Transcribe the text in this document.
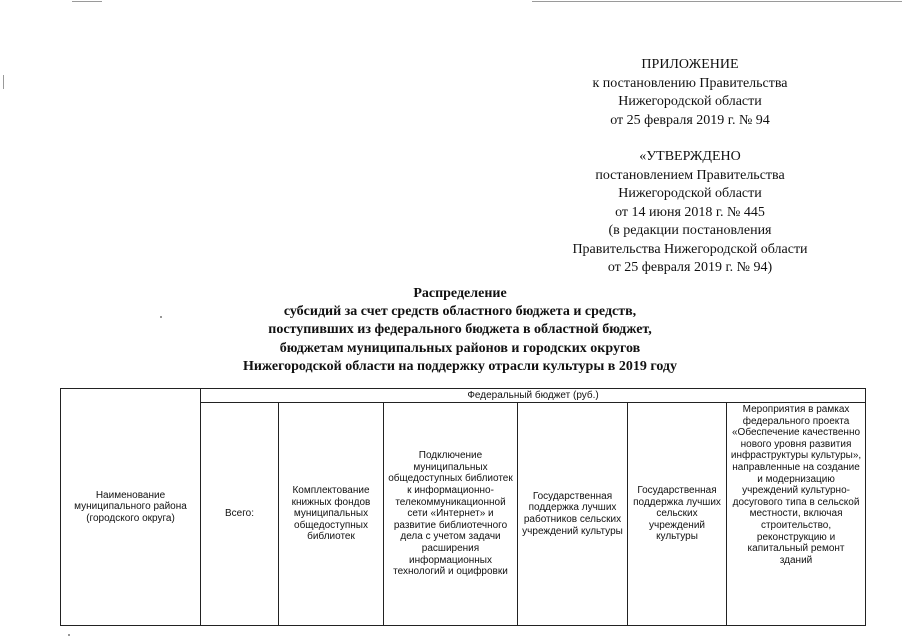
ПРИЛОЖЕНИЕ
к постановлению Правительства
Нижегородской области
от 25 февраля 2019 г. № 94
«УТВЕРЖДЕНО
постановлением Правительства
Нижегородской области
от 14 июня 2018 г. № 445
(в редакции постановления
Правительства Нижегородской области
от 25 февраля 2019 г. № 94)
Распределение
субсидий за счет средств областного бюджета и средств,
поступивших из федерального бюджета в областной бюджет,
бюджетам муниципальных районов и городских округов
Нижегородской области на поддержку отрасли культуры в 2019 году
Наименование муниципального района (городского округа)	Федеральный бюджет (руб.)					
	Всего:	Комплектование книжных фондов муниципальных общедоступных библиотек	Подключение муниципальных общедоступных библиотек к информационно-телекоммуникационной сети «Интернет» и развитие библиотечного дела с учетом задачи расширения информационных технологий и оцифровки	Государственная поддержка лучших работников сельских учреждений культуры	Государственная поддержка лучших сельских учреждений культуры	Мероприятия в рамках федерального проекта «Обеспечение качественно нового уровня развития инфраструктуры культуры», направленные на создание и модернизацию учреждений культурно-досугового типа в сельской местности, включая строительство, реконструкцию и капитальный ремонт зданий
